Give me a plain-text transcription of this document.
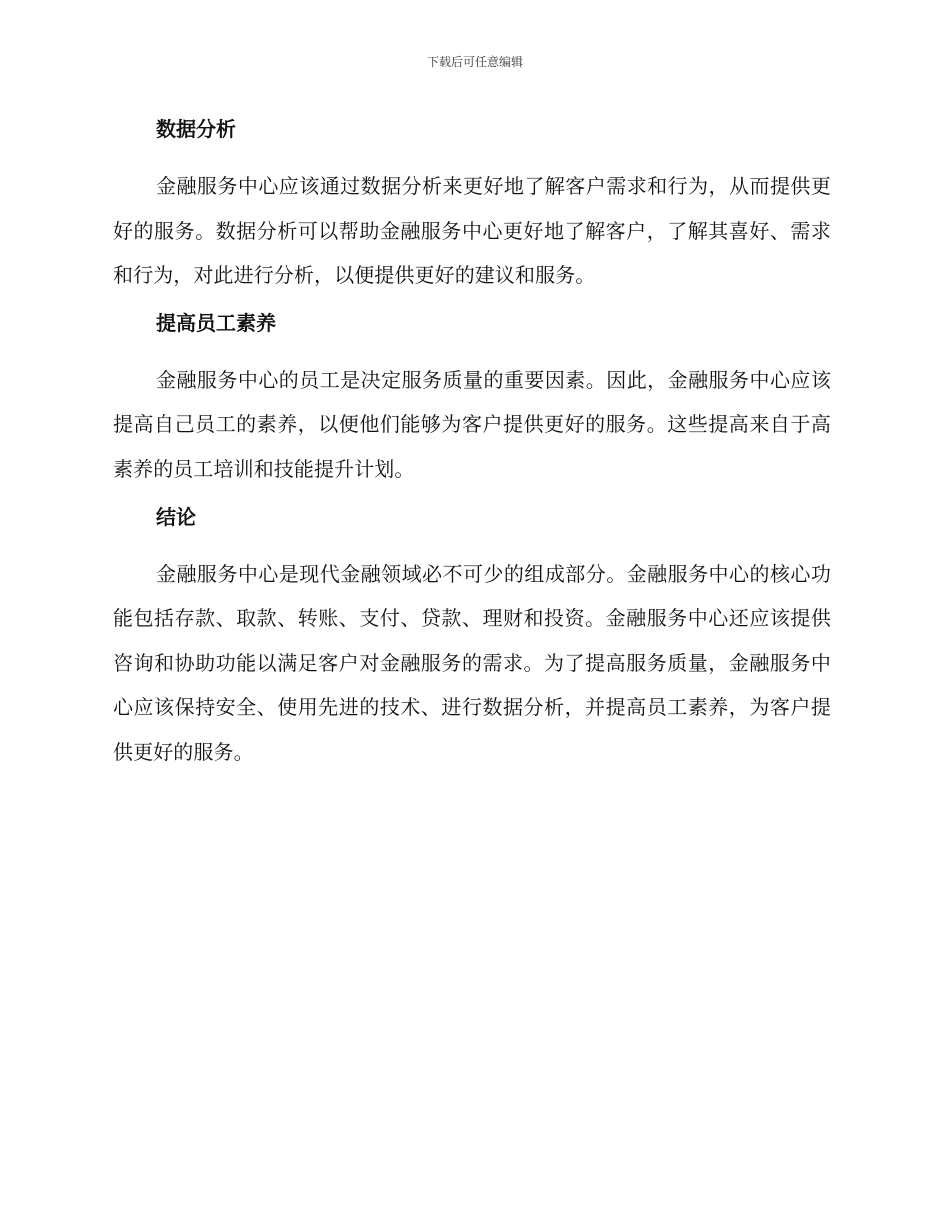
下载后可任意编辑
数据分析

金融服务中心应该通过数据分析来更好地了解客户需求和行为，从而提供更好的服务。数据分析可以帮助金融服务中心更好地了解客户，了解其喜好、需求和行为，对此进行分析，以便提供更好的建议和服务。

提高员工素养

金融服务中心的员工是决定服务质量的重要因素。因此，金融服务中心应该提高自己员工的素养，以便他们能够为客户提供更好的服务。这些提高来自于高素养的员工培训和技能提升计划。

结论

金融服务中心是现代金融领域必不可少的组成部分。金融服务中心的核心功能包括存款、取款、转账、支付、贷款、理财和投资。金融服务中心还应该提供咨询和协助功能以满足客户对金融服务的需求。为了提高服务质量，金融服务中心应该保持安全、使用先进的技术、进行数据分析，并提高员工素养，为客户提供更好的服务。
